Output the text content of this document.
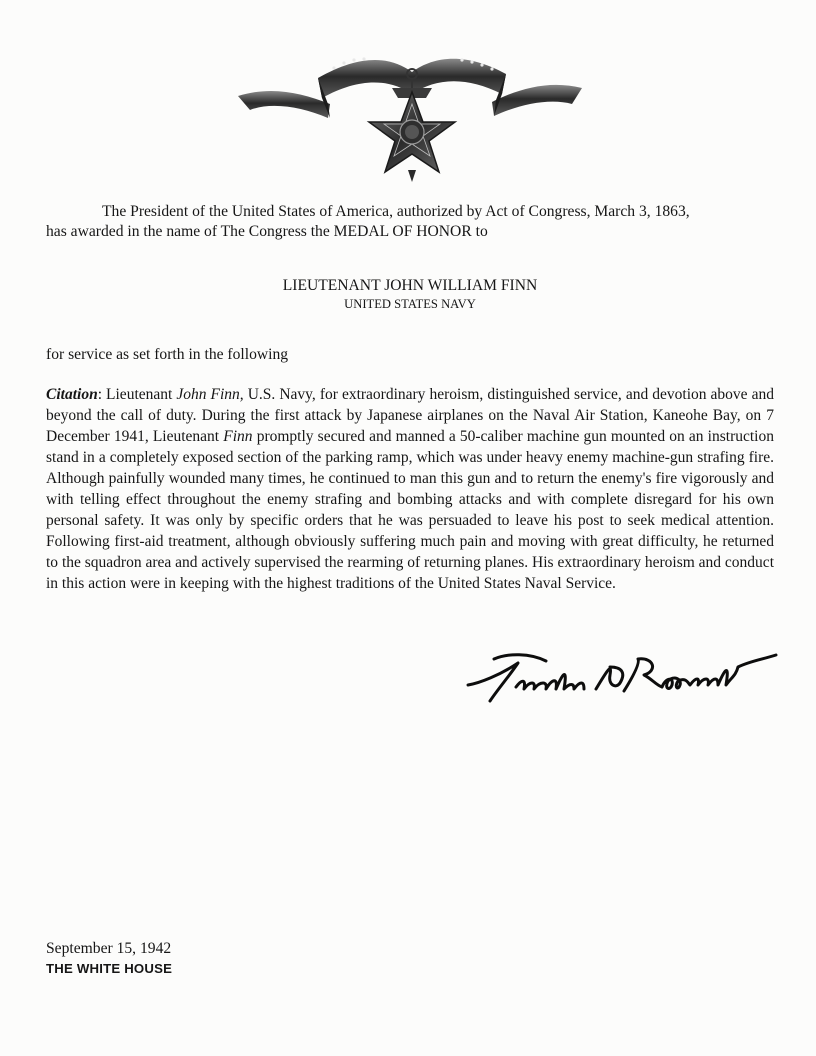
The President of the United States of America, authorized by Act of Congress, March 3, 1863,
has awarded in the name of The Congress the MEDAL OF HONOR to
LIEUTENANT JOHN WILLIAM FINN
UNITED STATES NAVY
for service as set forth in the following
Citation: Lieutenant John Finn, U.S. Navy, for extraordinary heroism, distinguished service, and devotion above and beyond the call of duty. During the first attack by Japanese airplanes on the Naval Air Station, Kaneohe Bay, on 7 December 1941, Lieutenant Finn promptly secured and manned a 50-caliber machine gun mounted on an instruction stand in a completely exposed section of the parking ramp, which was under heavy enemy machine-gun strafing fire. Although painfully wounded many times, he continued to man this gun and to return the enemy's fire vigorously and with telling effect throughout the enemy strafing and bombing attacks and with complete disregard for his own personal safety. It was only by specific orders that he was persuaded to leave his post to seek medical attention. Following first-aid treatment, although obviously suffering much pain and moving with great difficulty, he returned to the squadron area and actively supervised the rearming of returning planes. His extraordinary heroism and conduct in this action were in keeping with the highest traditions of the United States Naval Service.
September 15, 1942
THE WHITE HOUSE
